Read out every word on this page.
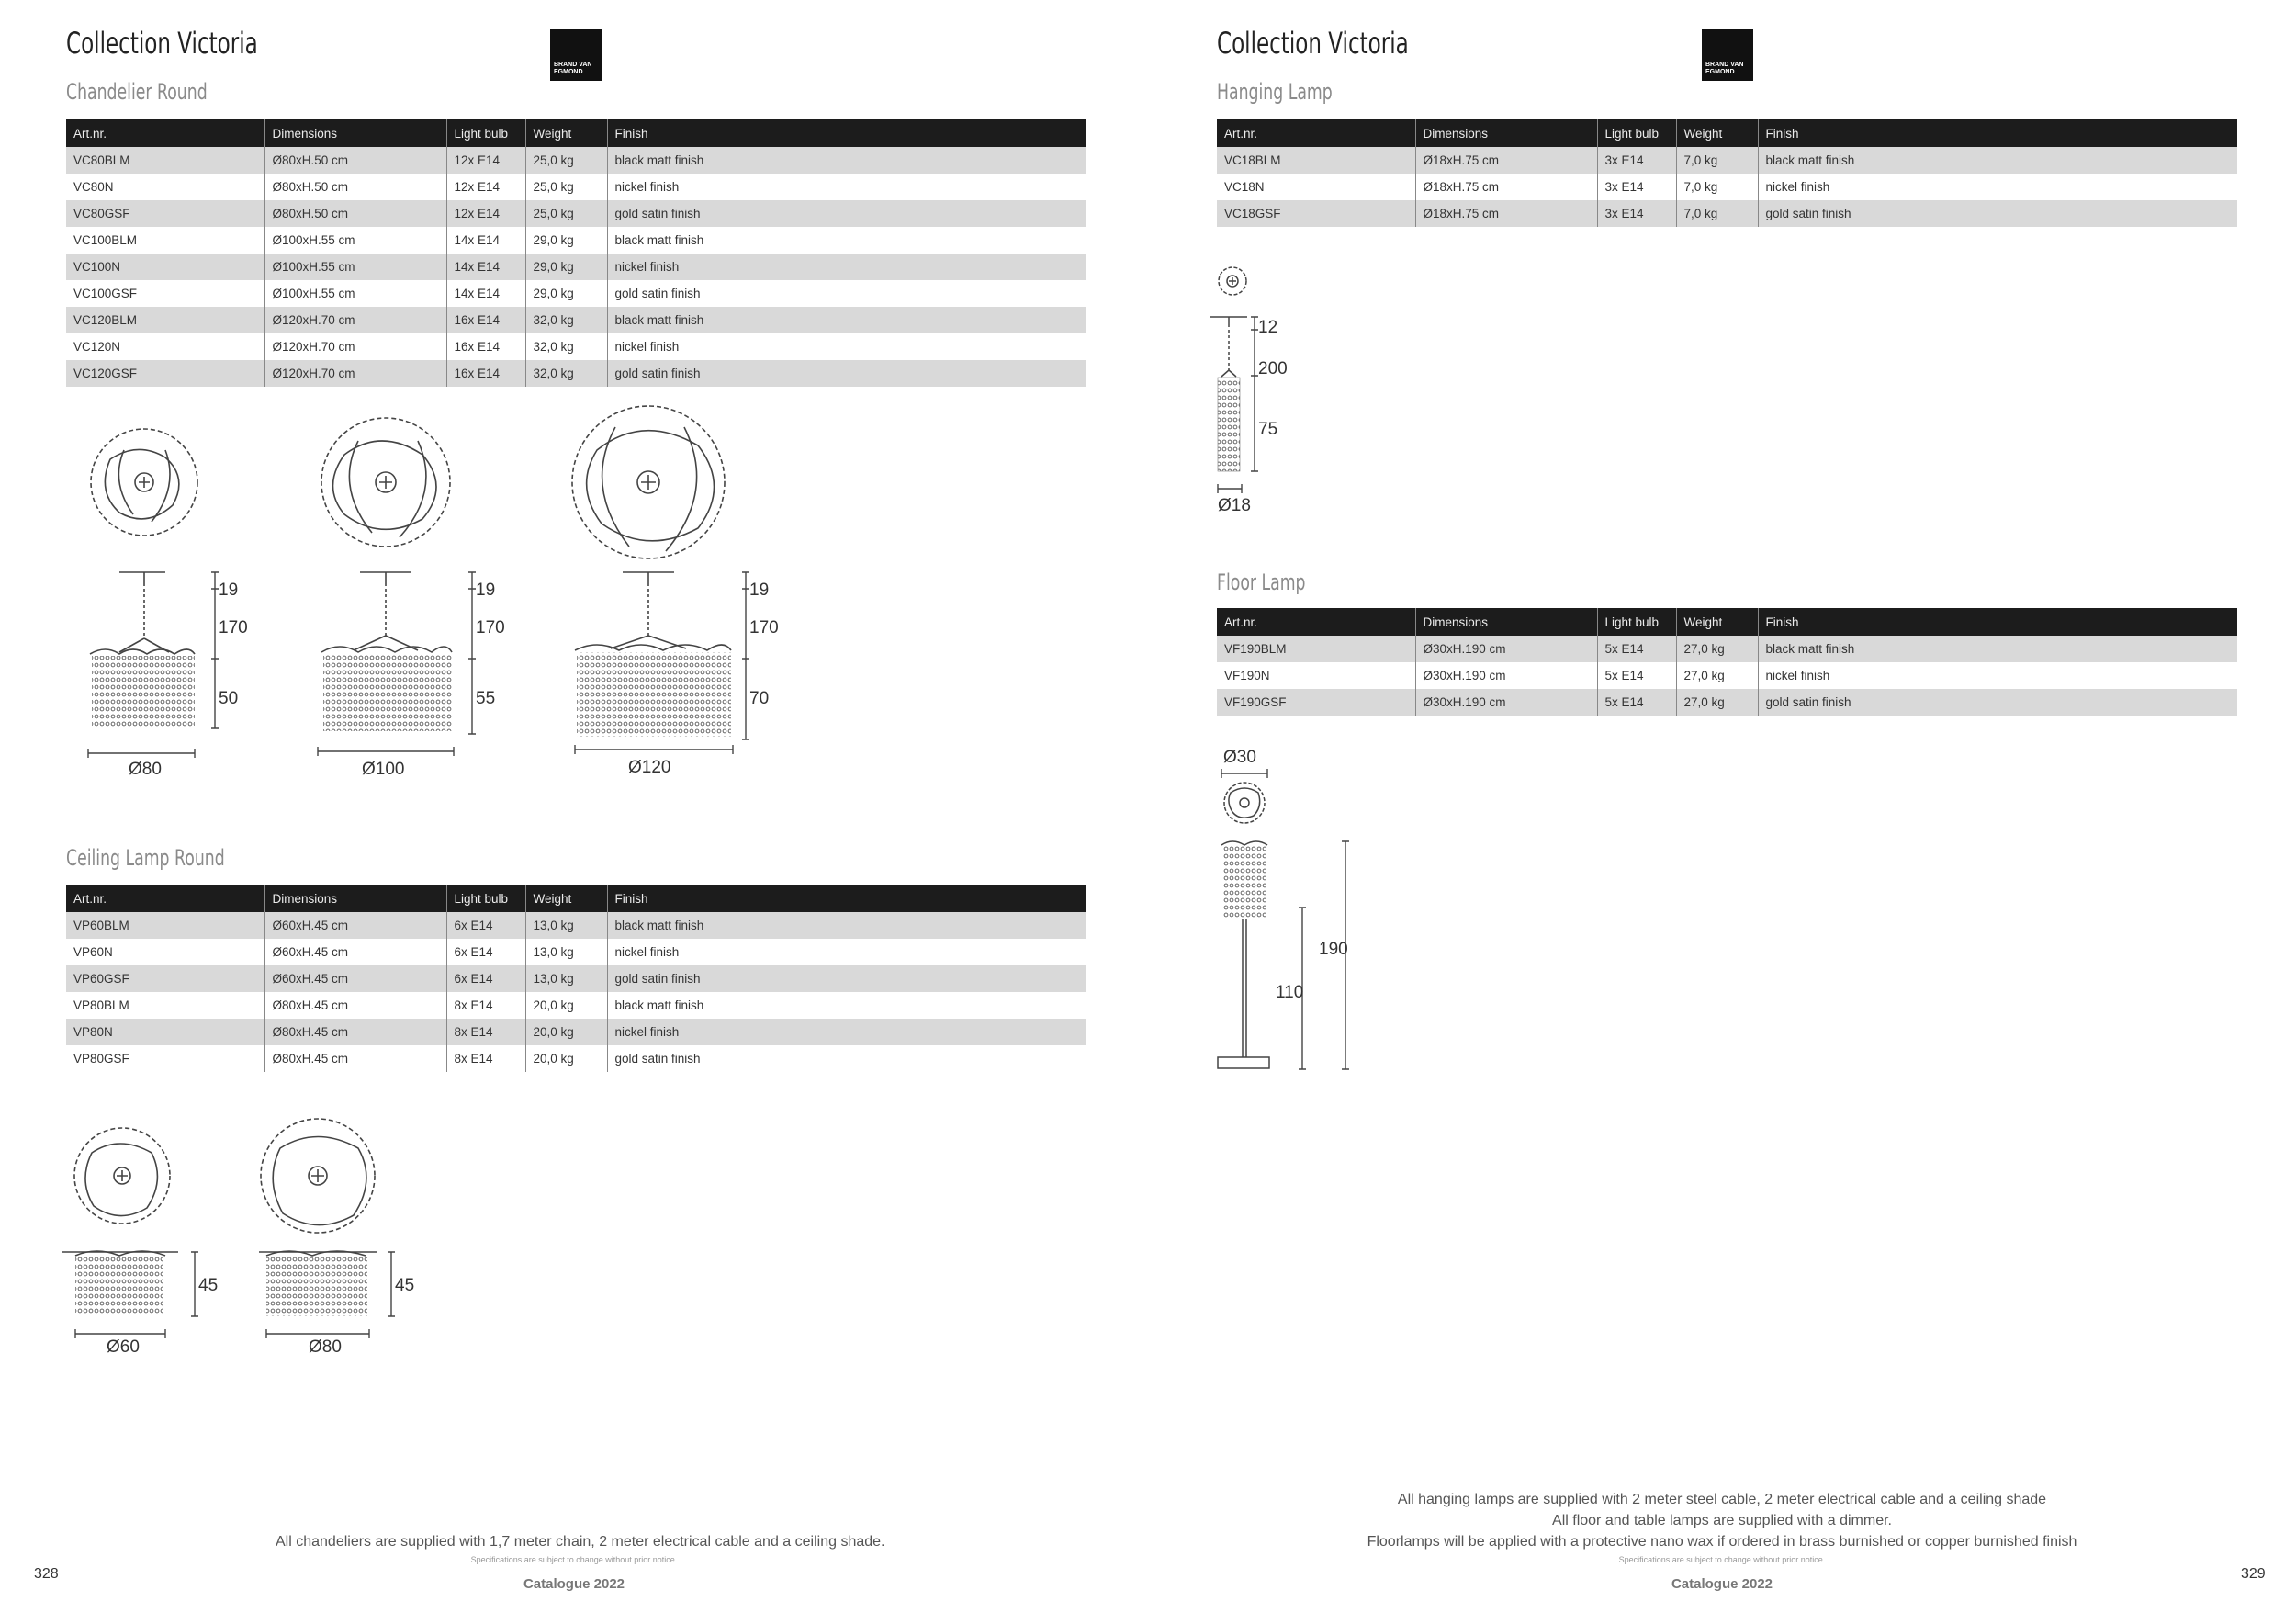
Collection Victoria
BRAND VAN
EGMOND
Chandelier Round
Art.nr.	Dimensions	Light bulb	Weight	Finish
VC80BLM	Ø80xH.50 cm	12x E14	25,0 kg	black matt finish
VC80N	Ø80xH.50 cm	12x E14	25,0 kg	nickel finish
VC80GSF	Ø80xH.50 cm	12x E14	25,0 kg	gold satin finish
VC100BLM	Ø100xH.55 cm	14x E14	29,0 kg	black matt finish
VC100N	Ø100xH.55 cm	14x E14	29,0 kg	nickel finish
VC100GSF	Ø100xH.55 cm	14x E14	29,0 kg	gold satin finish
VC120BLM	Ø120xH.70 cm	16x E14	32,0 kg	black matt finish
VC120N	Ø120xH.70 cm	16x E14	32,0 kg	nickel finish
VC120GSF	Ø120xH.70 cm	16x E14	32,0 kg	gold satin finish
19
170
50
Ø80
19
170
55
Ø100
19
170
70
Ø120
Ceiling Lamp Round
Art.nr.	Dimensions	Light bulb	Weight	Finish
VP60BLM	Ø60xH.45 cm	6x E14	13,0 kg	black matt finish
VP60N	Ø60xH.45 cm	6x E14	13,0 kg	nickel finish
VP60GSF	Ø60xH.45 cm	6x E14	13,0 kg	gold satin finish
VP80BLM	Ø80xH.45 cm	8x E14	20,0 kg	black matt finish
VP80N	Ø80xH.45 cm	8x E14	20,0 kg	nickel finish
VP80GSF	Ø80xH.45 cm	8x E14	20,0 kg	gold satin finish
45
Ø60
45
Ø80
All chandeliers are supplied with 1,7 meter chain, 2 meter electrical cable and a ceiling shade.
Specifications are subject to change without prior notice.
Catalogue 2022
328
Collection Victoria
BRAND VAN
EGMOND
Hanging Lamp
Art.nr.	Dimensions	Light bulb	Weight	Finish
VC18BLM	Ø18xH.75 cm	3x E14	7,0 kg	black matt finish
VC18N	Ø18xH.75 cm	3x E14	7,0 kg	nickel finish
VC18GSF	Ø18xH.75 cm	3x E14	7,0 kg	gold satin finish
12
200
75
Ø18
Floor Lamp
Art.nr.	Dimensions	Light bulb	Weight	Finish
VF190BLM	Ø30xH.190 cm	5x E14	27,0 kg	black matt finish
VF190N	Ø30xH.190 cm	5x E14	27,0 kg	nickel finish
VF190GSF	Ø30xH.190 cm	5x E14	27,0 kg	gold satin finish
Ø30
190
110
All hanging lamps are supplied with 2 meter steel cable, 2 meter electrical cable and a ceiling shade
All floor and table lamps are supplied with a dimmer.
Floorlamps will be applied with a protective nano wax if ordered in brass burnished or copper burnished finish
Specifications are subject to change without prior notice.
Catalogue 2022
329
